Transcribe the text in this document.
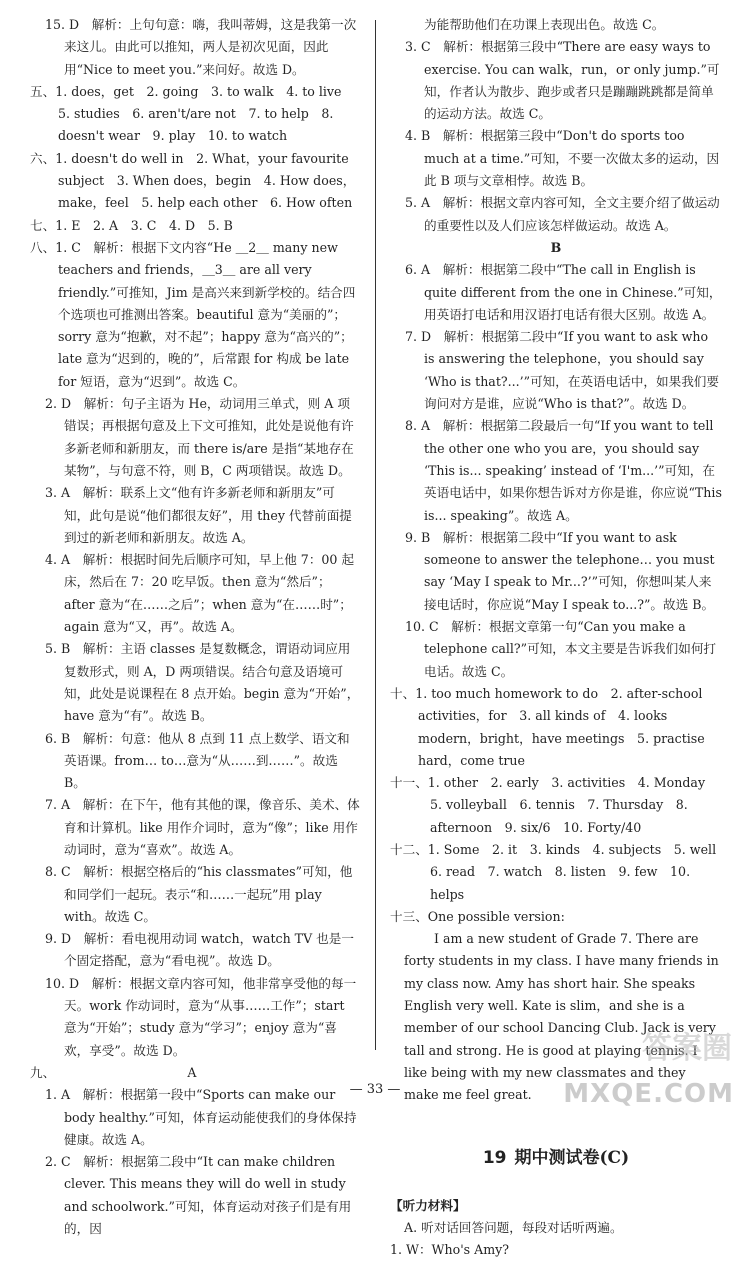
15. D　解析：上句句意：嗨，我叫蒂姆，这是我第一次来这儿。由此可以推知，两人是初次见面，因此用“Nice to meet you.”来问好。故选 D。

五、1. does，get　2. going　3. to walk　4. to live　5. studies　6. aren't/are not　7. to help　8. doesn't wear　9. play　10. to watch

六、1. doesn't do well in　2. What，your favourite subject　3. When does，begin　4. How does，make，feel　5. help each other　6. How often

七、1. E　2. A　3. C　4. D　5. B

八、1. C　解析：根据下文内容“He ＿2＿ many new teachers and friends，＿3＿ are all very friendly.”可推知，Jim 是高兴来到新学校的。结合四个选项也可推测出答案。beautiful 意为“美丽的”；sorry 意为“抱歉，对不起”；happy 意为“高兴的”；late 意为“迟到的，晚的”，后常跟 for 构成 be late for 短语，意为“迟到”。故选 C。

2. D　解析：句子主语为 He，动词用三单式，则 A 项错误；再根据句意及上下文可推知，此处是说他有许多新老师和新朋友，而 there is/are 是指“某地存在某物”，与句意不符，则 B，C 两项错误。故选 D。

3. A　解析：联系上文“他有许多新老师和新朋友”可知，此句是说“他们都很友好”，用 they 代替前面提到过的新老师和新朋友。故选 A。

4. A　解析：根据时间先后顺序可知，早上他 7：00 起床，然后在 7：20 吃早饭。then 意为“然后”；after 意为“在……之后”；when 意为“在……时”；again 意为“又，再”。故选 A。

5. B　解析：主语 classes 是复数概念，谓语动词应用复数形式，则 A，D 两项错误。结合句意及语境可知，此处是说课程在 8 点开始。begin 意为“开始”，have 意为“有”。故选 B。

6. B　解析：句意：他从 8 点到 11 点上数学、语文和英语课。from… to…意为“从……到……”。故选 B。

7. A　解析：在下午，他有其他的课，像音乐、美术、体育和计算机。like 用作介词时，意为“像”；like 用作动词时，意为“喜欢”。故选 A。

8. C　解析：根据空格后的“his classmates”可知，他和同学们一起玩。表示“和……一起玩”用 play with。故选 C。

9. D　解析：看电视用动词 watch，watch TV 也是一个固定搭配，意为“看电视”。故选 D。

10. D　解析：根据文章内容可知，他非常享受他的每一天。work 作动词时，意为“从事……工作”；start 意为“开始”；study 意为“学习”；enjoy 意为“喜欢，享受”。故选 D。

九、　　　　　　　　　　　A

1. A　解析：根据第一段中“Sports can make our body healthy.”可知，体育运动能使我们的身体保持健康。故选 A。

2. C　解析：根据第二段中“It can make children clever. This means they will do well in study and schoolwork.”可知，体育运动对孩子们是有用的，因

为能帮助他们在功课上表现出色。故选 C。

3. C　解析：根据第三段中“There are easy ways to exercise. You can walk，run，or only jump.”可知，作者认为散步、跑步或者只是蹦蹦跳跳都是简单的运动方法。故选 C。

4. B　解析：根据第三段中“Don't do sports too much at a time.”可知，不要一次做太多的运动，因此 B 项与文章相悖。故选 B。

5. A　解析：根据文章内容可知，全文主要介绍了做运动的重要性以及人们应该怎样做运动。故选 A。

B

6. A　解析：根据第二段中“The call in English is quite different from the one in Chinese.”可知，用英语打电话和用汉语打电话有很大区别。故选 A。

7. D　解析：根据第二段中“If you want to ask who is answering the telephone，you should say ‘Who is that?...’”可知，在英语电话中，如果我们要询问对方是谁，应说“Who is that?”。故选 D。

8. A　解析：根据第二段最后一句“If you want to tell the other one who you are，you should say ‘This is... speaking’ instead of ‘I'm...’”可知，在英语电话中，如果你想告诉对方你是谁，你应说“This is... speaking”。故选 A。

9. B　解析：根据第二段中“If you want to ask someone to answer the telephone… you must say ‘May I speak to Mr...?’”可知，你想叫某人来接电话时，你应说“May I speak to...?”。故选 B。

10. C　解析：根据文章第一句“Can you make a telephone call?”可知，本文主要是告诉我们如何打电话。故选 C。

十、1. too much homework to do　2. after-school activities，for　3. all kinds of　4. looks modern，bright，have meetings　5. practise hard，come true

十一、1. other　2. early　3. activities　4. Monday　5. volleyball　6. tennis　7. Thursday　8. afternoon　9. six/6　10. Forty/40

十二、1. Some　2. it　3. kinds　4. subjects　5. well　6. read　7. watch　8. listen　9. few　10. helps

十三、One possible version:

I am a new student of Grade 7. There are forty students in my class. I have many friends in my class now. Amy has short hair. She speaks English very well. Kate is slim，and she is a member of our school Dancing Club. Jack is very tall and strong. He is good at playing tennis. I like being with my new classmates and they make me feel great.

19 期中测试卷(C)

【听力材料】

A. 听对话回答问题，每段对话听两遍。

1. W：Who's Amy?

— 33 —
答案圈
MXQE.COM
